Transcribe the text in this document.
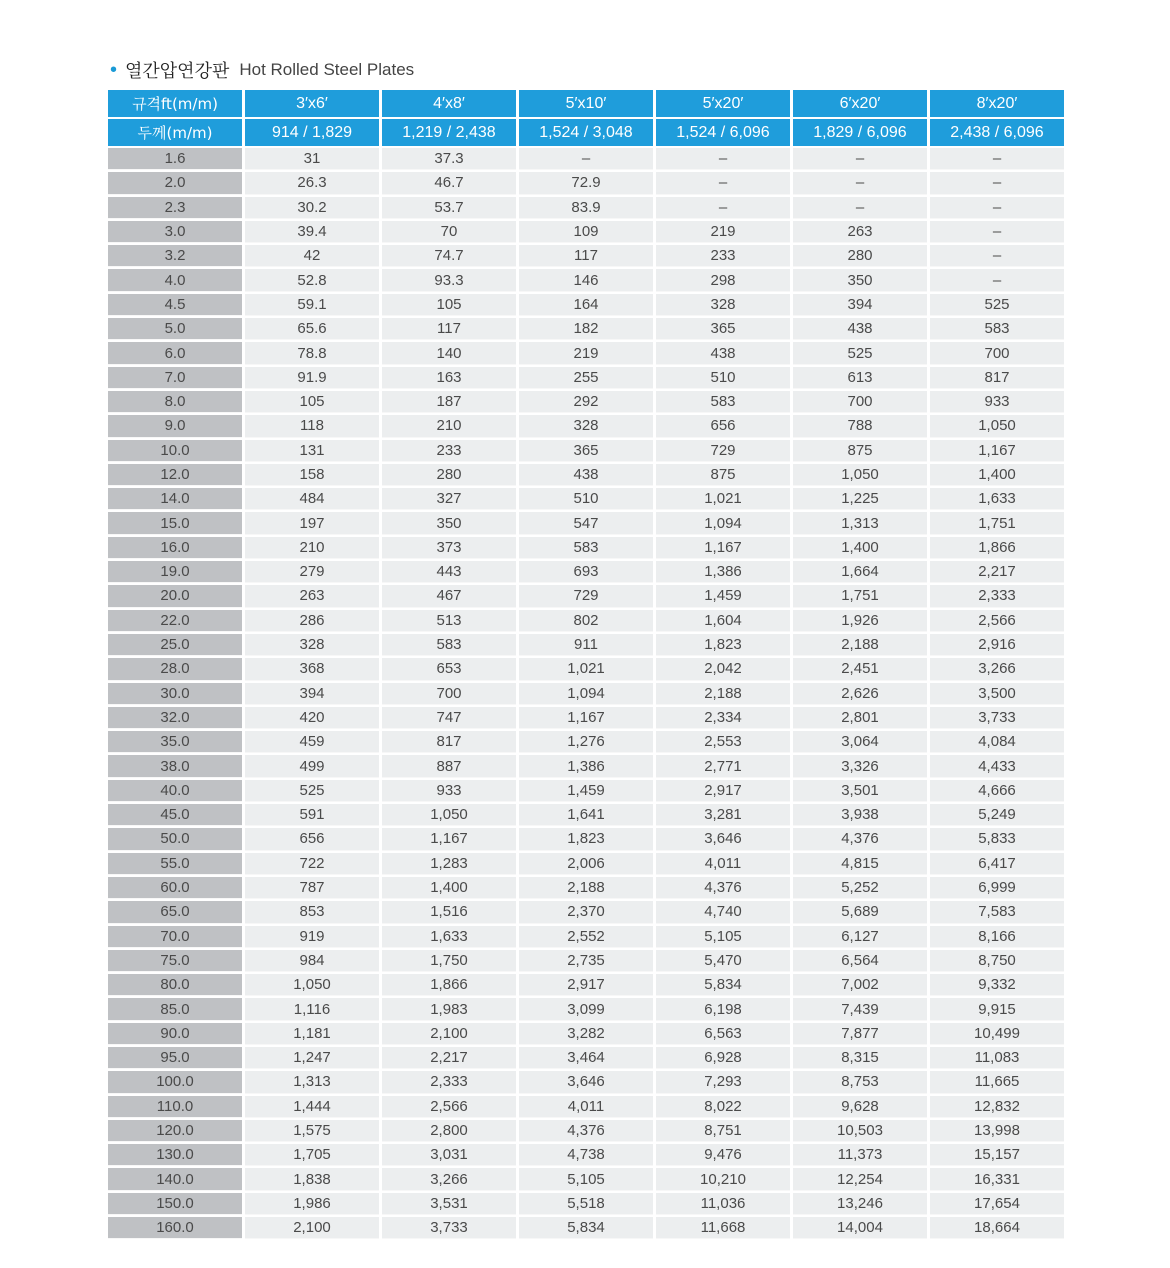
• 열간압연강판 Hot Rolled Steel Plates
규격ft(m/m)	3′x6′	4′x8′	5′x10′	5′x20′	6′x20′	8′x20′
두께(m/m)	914 / 1,829	1,219 / 2,438	1,524 / 3,048	1,524 / 6,096	1,829 / 6,096	2,438 / 6,096
1.6	31	37.3	–	–	–	–
2.0	26.3	46.7	72.9	–	–	–
2.3	30.2	53.7	83.9	–	–	–
3.0	39.4	70	109	219	263	–
3.2	42	74.7	117	233	280	–
4.0	52.8	93.3	146	298	350	–
4.5	59.1	105	164	328	394	525
5.0	65.6	117	182	365	438	583
6.0	78.8	140	219	438	525	700
7.0	91.9	163	255	510	613	817
8.0	105	187	292	583	700	933
9.0	118	210	328	656	788	1,050
10.0	131	233	365	729	875	1,167
12.0	158	280	438	875	1,050	1,400
14.0	484	327	510	1,021	1,225	1,633
15.0	197	350	547	1,094	1,313	1,751
16.0	210	373	583	1,167	1,400	1,866
19.0	279	443	693	1,386	1,664	2,217
20.0	263	467	729	1,459	1,751	2,333
22.0	286	513	802	1,604	1,926	2,566
25.0	328	583	911	1,823	2,188	2,916
28.0	368	653	1,021	2,042	2,451	3,266
30.0	394	700	1,094	2,188	2,626	3,500
32.0	420	747	1,167	2,334	2,801	3,733
35.0	459	817	1,276	2,553	3,064	4,084
38.0	499	887	1,386	2,771	3,326	4,433
40.0	525	933	1,459	2,917	3,501	4,666
45.0	591	1,050	1,641	3,281	3,938	5,249
50.0	656	1,167	1,823	3,646	4,376	5,833
55.0	722	1,283	2,006	4,011	4,815	6,417
60.0	787	1,400	2,188	4,376	5,252	6,999
65.0	853	1,516	2,370	4,740	5,689	7,583
70.0	919	1,633	2,552	5,105	6,127	8,166
75.0	984	1,750	2,735	5,470	6,564	8,750
80.0	1,050	1,866	2,917	5,834	7,002	9,332
85.0	1,116	1,983	3,099	6,198	7,439	9,915
90.0	1,181	2,100	3,282	6,563	7,877	10,499
95.0	1,247	2,217	3,464	6,928	8,315	11,083
100.0	1,313	2,333	3,646	7,293	8,753	11,665
110.0	1,444	2,566	4,011	8,022	9,628	12,832
120.0	1,575	2,800	4,376	8,751	10,503	13,998
130.0	1,705	3,031	4,738	9,476	11,373	15,157
140.0	1,838	3,266	5,105	10,210	12,254	16,331
150.0	1,986	3,531	5,518	11,036	13,246	17,654
160.0	2,100	3,733	5,834	11,668	14,004	18,664
